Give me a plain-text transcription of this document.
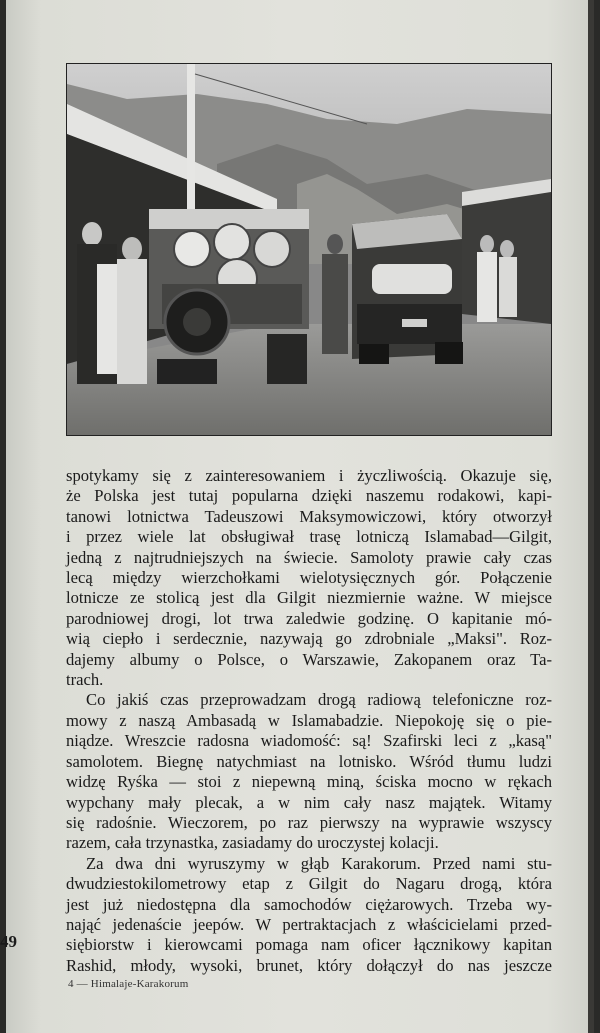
spotykamy się z zainteresowaniem i życzliwością. Okazuje się,
że Polska jest tutaj popularna dzięki naszemu rodakowi, kapi-
tanowi lotnictwa Tadeuszowi Maksymowiczowi, który otworzył
i przez wiele lat obsługiwał trasę lotniczą Islamabad—Gilgit,
jedną z najtrudniejszych na świecie. Samoloty prawie cały czas
lecą między wierzchołkami wielotysięcznych gór. Połączenie
lotnicze ze stolicą jest dla Gilgit niezmiernie ważne. W miejsce
parodniowej drogi, lot trwa zaledwie godzinę. O kapitanie mó-
wią ciepło i serdecznie, nazywają go zdrobniale „Maksi". Roz-
dajemy albumy o Polsce, o Warszawie, Zakopanem oraz Ta-
trach.

Co jakiś czas przeprowadzam drogą radiową telefoniczne roz-
mowy z naszą Ambasadą w Islamabadzie. Niepokoję się o pie-
niądze. Wreszcie radosna wiadomość: są! Szafirski leci z „kasą"
samolotem. Biegnę natychmiast na lotnisko. Wśród tłumu ludzi
widzę Ryśka — stoi z niepewną miną, ściska mocno w rękach
wypchany mały plecak, a w nim cały nasz majątek. Witamy
się radośnie. Wieczorem, po raz pierwszy na wyprawie wszyscy
razem, cała trzynastka, zasiadamy do uroczystej kolacji.

Za dwa dni wyruszymy w głąb Karakorum. Przed nami stu-
dwudziestokilometrowy etap z Gilgit do Nagaru drogą, która
jest już niedostępna dla samochodów ciężarowych. Trzeba wy-
nająć jedenaście jeepów. W pertraktacjach z właścicielami przed-
siębiorstw i kierowcami pomaga nam oficer łącznikowy kapitan
Rashid, młody, wysoki, brunet, który dołączył do nas jeszcze

4 — Himalaje-Karakorum
49
